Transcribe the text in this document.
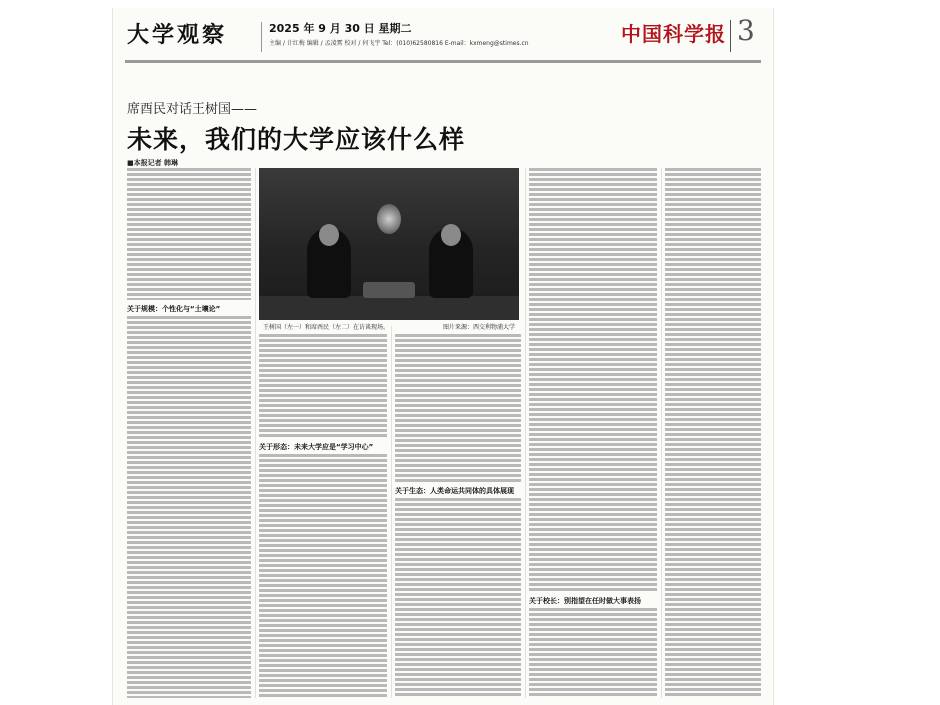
大学观察	2025 年 9 月 30 日 星期二
主编 / 计红梅 编辑 / 孟凌霄 校对 / 何飞宇 Tel：(010)62580816 E-mail：kxmeng@stimes.cn	中国科学报 3
席酉民对话王树国——
未来，我们的大学应该什么样
■本报记者 韩琳
关于规模：个性化与“土壤论”
王树国（左一）和席酉民（左二）在访谈现场。	图片来源：西交利物浦大学
关于形态：未来大学应是“学习中心”
关于生态：人类命运共同体的具体展现
关于校长：别指望在任时做大事表扬
